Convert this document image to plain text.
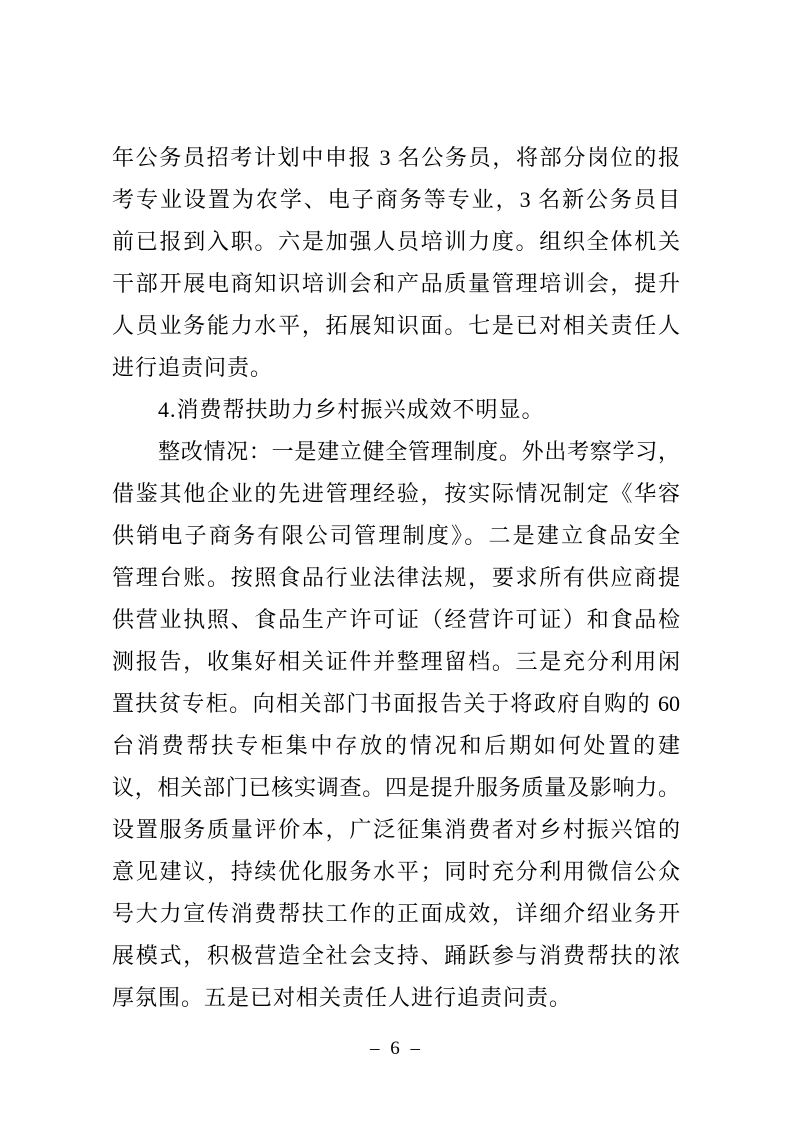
年公务员招考计划中申报 3 名公务员，将部分岗位的报
考专业设置为农学、电子商务等专业，3 名新公务员目
前已报到入职。六是加强人员培训力度。组织全体机关
干部开展电商知识培训会和产品质量管理培训会，提升
人员业务能力水平，拓展知识面。七是已对相关责任人
进行追责问责。
4.消费帮扶助力乡村振兴成效不明显。
整改情况：一是建立健全管理制度。外出考察学习，
借鉴其他企业的先进管理经验，按实际情况制定《华容
供销电子商务有限公司管理制度》。二是建立食品安全
管理台账。按照食品行业法律法规，要求所有供应商提
供营业执照、食品生产许可证（经营许可证）和食品检
测报告，收集好相关证件并整理留档。三是充分利用闲
置扶贫专柜。向相关部门书面报告关于将政府自购的 60
台消费帮扶专柜集中存放的情况和后期如何处置的建
议，相关部门已核实调查。四是提升服务质量及影响力。
设置服务质量评价本，广泛征集消费者对乡村振兴馆的
意见建议，持续优化服务水平；同时充分利用微信公众
号大力宣传消费帮扶工作的正面成效，详细介绍业务开
展模式，积极营造全社会支持、踊跃参与消费帮扶的浓
厚氛围。五是已对相关责任人进行追责问责。
– 6 –
